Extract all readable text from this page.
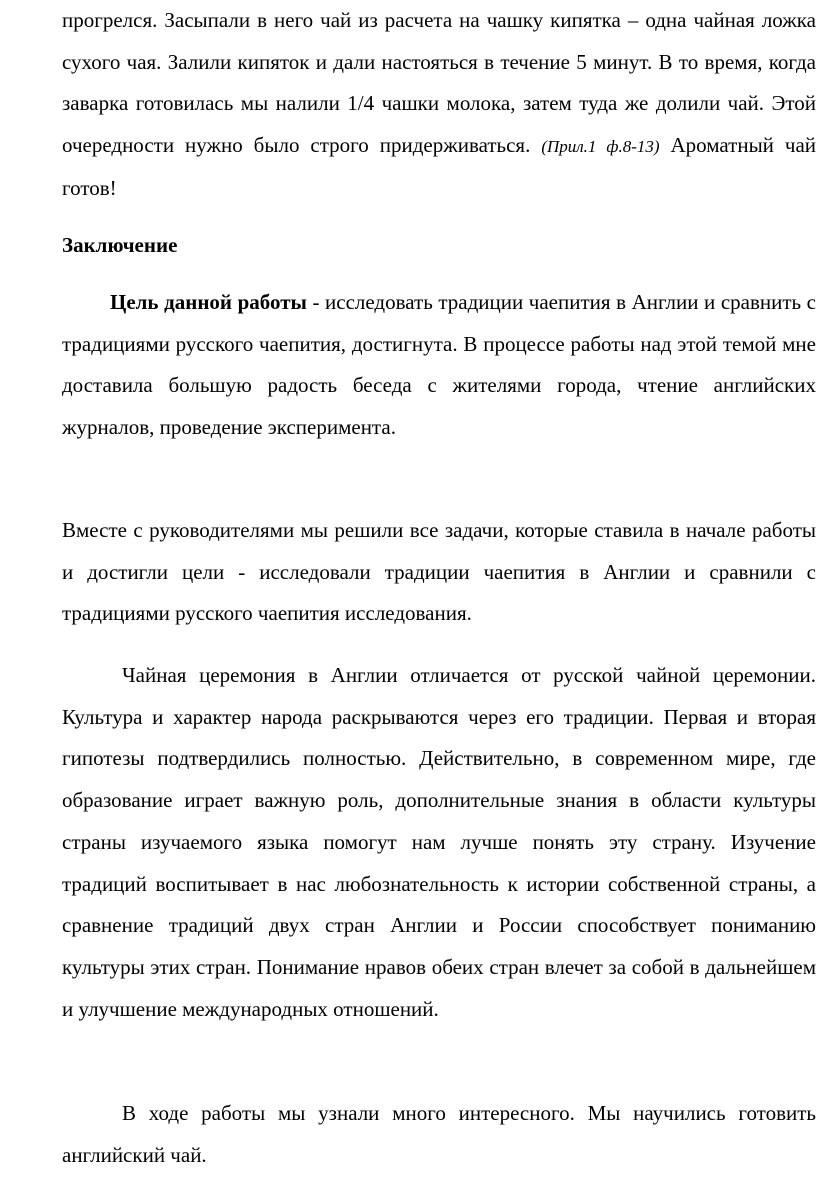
прогрелся. Засыпали в него чай из расчета на чашку кипятка – одна чайная ложка сухого чая. Залили кипяток и дали настояться в течение 5 минут. В то время, когда заварка готовилась мы налили 1/4 чашки молока, затем туда же долили чай. Этой очередности нужно было строго придерживаться. (Прил.1 ф.8-13) Ароматный чай готов!

Заключение

Цель данной работы - исследовать традиции чаепития в Англии и сравнить с традициями русского чаепития, достигнута. В процессе работы над этой темой мне доставила большую радость беседа с жителями города, чтение английских журналов, проведение эксперимента.

Вместе с руководителями мы решили все задачи, которые ставила в начале работы и достигли цели - исследовали традиции чаепития в Англии и сравнили с традициями русского чаепития исследования.

Чайная церемония в Англии отличается от русской чайной церемонии. Культура и характер народа раскрываются через его традиции. Первая и вторая гипотезы подтвердились полностью. Действительно, в современном мире, где образование играет важную роль, дополнительные знания в области культуры страны изучаемого языка помогут нам лучше понять эту страну. Изучение традиций воспитывает в нас любознательность к истории собственной страны, а сравнение традиций двух стран Англии и России способствует пониманию культуры этих стран. Понимание нравов обеих стран влечет за собой в дальнейшем и улучшение международных отношений.

В ходе работы мы узнали много интересного. Мы научились готовить английский чай.
